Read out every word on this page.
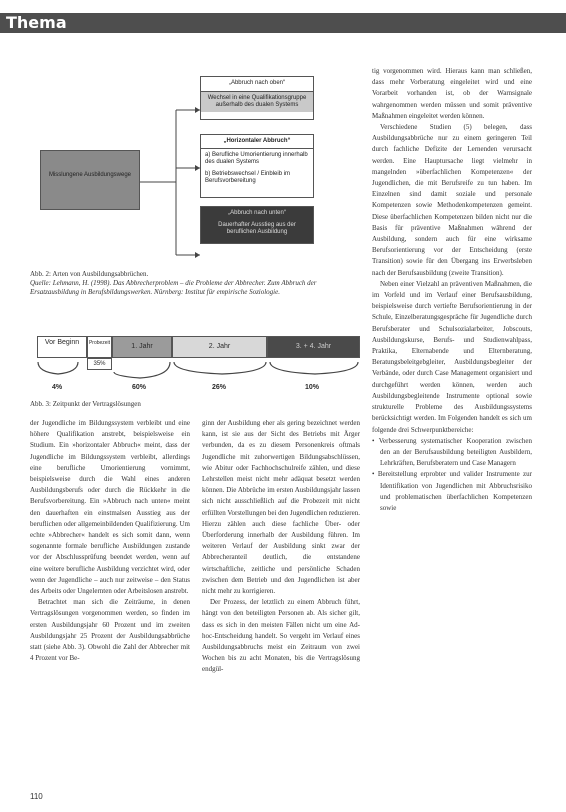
Thema

Misslungene Ausbildungswege

„Abbruch nach oben“

Wechsel in eine Qualifikationsgruppe außerhalb des dualen Systems

„Horizontaler Abbruch“

a) Berufliche Umorientierung innerhalb des dualen Systems

b) Betriebswechsel / Einbleib im Berufsvorbereitung

„Abbruch nach unten“

Dauerhafter Ausstieg aus der beruflichen Ausbildung

Abb. 2: Arten von Ausbildungsabbrüchen.
Quelle: Lehmann, H. (1998). Das Abbrecherproblem – die Probleme der Abbrecher. Zum Abbruch der Ersatzausbildung in Berufsbildungswerken. Nürnberg: Institut für empirische Soziologie.
Vor Beginn	Probezeit	1. Jahr	2. Jahr	3. + 4. Jahr
35%
4%	60%	26%	10%
Abb. 3: Zeitpunkt der Vertragslösungen

der Jugendliche im Bildungssystem verbleibt und eine höhere Qualifikation anstrebt, beispielsweise ein Studium. Ein »horizontaler Abbruch« meint, dass der Jugendliche im Bildungssystem verbleibt, allerdings eine berufliche Umorientierung vornimmt, beispielsweise durch die Wahl eines anderen Ausbildungsberufs oder durch die Rückkehr in die Berufsvorbereitung. Ein »Abbruch nach unten« meint den dauerhaften ein einstmalsen Ausstieg aus der beruflichen oder allgemeinbildenden Qualifizierung. Um echte »Abbrecher« handelt es sich somit dann, wenn sogenannte formale berufliche Ausbildungen zustande vor der Abschlussprüfung beendet werden, wenn auf eine weitere berufliche Ausbildung verzichtet wird, oder wenn der Jugendliche – auch nur zeitweise – den Status des Arbeits oder Ungelernten oder Arbeitslosen anstrebt.

Betrachtet man sich die Zeiträume, in denen Vertragslösungen vorgenommen werden, so finden im ersten Ausbildungsjahr 60 Prozent und im zweiten Ausbildungsjahr 25 Prozent der Ausbildungsabbrüche statt (siehe Abb. 3). Obwohl die Zahl der Abbrecher mit 4 Prozent vor Be-

ginn der Ausbildung eher als gering bezeichnet werden kann, ist sie aus der Sicht des Betriebs mit Ärger verbunden, da es zu diesem Personenkreis oftmals Jugendliche mit zuhorwertigen Bildungsabschlüssen, wie Abitur oder Fachhochschulreife zählen, und diese Lehrstellen meist nicht mehr adäquat besetzt werden können. Die Abbrüche im ersten Ausbildungsjahr lassen sich nicht ausschließlich auf die Probezeit mit nicht erfüllten Vorstellungen bei den Jugendlichen reduzieren. Hierzu zählen auch diese fachliche Über- oder Überforderung innerhalb der Ausbildung führen. Im weiteren Verlauf der Ausbildung sinkt zwar der Abbrecheranteil deutlich, die entstandene wirtschaftliche, zeitliche und persönliche Schaden zwischen dem Betrieb und den Jugendlichen ist aber nicht mehr zu korrigieren.

Der Prozess, der letztlich zu einem Abbruch führt, hängt von den beteiligten Personen ab. Als sicher gilt, dass es sich in den meisten Fällen nicht um eine Ad-hoc-Entscheidung handelt. So vergeht im Verlauf eines Ausbildungsabbruchs meist ein Zeitraum von zwei Wochen bis zu acht Monaten, bis die Vertragslösung endgül-

tig vorgenommen wird. Hieraus kann man schließen, dass mehr Vorberatung eingeleitet wird und eine Vorarbeit vorhanden ist, ob der Warnsignale wahrgenommen werden müssen und somit präventive Maßnahmen eingeleitet werden können.

Verschiedene Studien (5) belegen, dass Ausbildungsabbrüche nur zu einem geringeren Teil durch fachliche Defizite der Lernenden verursacht werden. Eine Hauptursache liegt vielmehr in mangelnden »überfachlichen Kompetenzen« der Jugendlichen, die mit Berufsreife zu tun haben. Im Einzelnen sind damit soziale und personale Kompetenzen sowie Methodenkompetenzen gemeint. Diese überfachlichen Kompetenzen bilden nicht nur die Basis für präventive Maßnahmen während der Ausbildung, sondern auch für eine wirksame Berufsorientierung vor der Entscheidung (erste Transition) sowie für den Übergang ins Erwerbsleben nach der Berufsausbildung (zweite Transition).

Neben einer Vielzahl an präventiven Maßnahmen, die im Vorfeld und im Verlauf einer Berufsausbildung, beispielsweise durch vertiefte Berufsorientierung in der Schule, Einzelberatungsgespräche für Jugendliche durch Berufsberater und Schulsozialarbeiter, Jobscouts, Ausbildungskurse, Berufs- und Studienwahlpass, Praktika, Elternabende und Elternberatung, Beratungsbeleitgebgleiter, Ausbildungsbegleiter der Verbände, oder durch Case Management organisiert und durchgeführt werden können, werden auch Ausbildungsbegleitende Instrumente optional sowie strukturelle Probleme des Ausbildungssystems berücksichtigt werden. Im Folgenden handelt es sich um folgende drei Schwerpunktbereiche:

• Verbesserung systematischer Kooperation zwischen den an der Berufsausbildung beteiligten Ausbildern, Lehrkräften, Berufsberatern und Case Managern
• Bereitstellung erprobter und valider Instrumente zur Identifikation von Jugendlichen mit Abbruchsrisiko und problematischen überfachlichen Kompetenzen sowie
110
